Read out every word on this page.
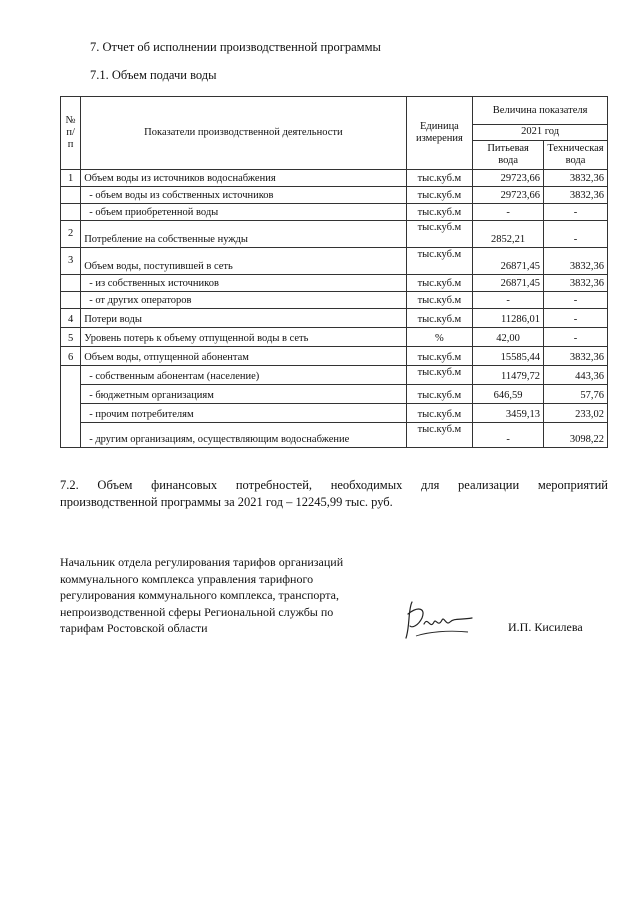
7. Отчет об исполнении производственной программы
7.1. Объем подачи воды
№ п/п	Показатели производственной деятельности	Единица измерения	Величина показателя	
			2021 год	
			Питьевая вода	Техническая вода
1	Объем воды из источников водоснабжения	тыс.куб.м	29723,66	3832,36
	- объем воды из собственных источников	тыс.куб.м	29723,66	3832,36
	- объем приобретенной воды	тыс.куб.м	-	-
2	Потребление на собственные нужды	тыс.куб.м	2852,21	-
3	Объем воды, поступившей в сеть	тыс.куб.м	26871,45	3832,36
	- из собственных источников	тыс.куб.м	26871,45	3832,36
	- от других операторов	тыс.куб.м	-	-
4	Потери воды	тыс.куб.м	11286,01	-
5	Уровень потерь к объему отпущенной воды в сеть	%	42,00	-
6	Объем воды, отпущенной абонентам	тыс.куб.м	15585,44	3832,36
	- собственным абонентам (население)	тыс.куб.м	11479,72	443,36
	- бюджетным организациям	тыс.куб.м	646,59	57,76
	- прочим потребителям	тыс.куб.м	3459,13	233,02
	- другим организациям, осуществляющим водоснабжение	тыс.куб.м	-	3098,22
7.2. Объем финансовых потребностей, необходимых для реализации мероприятий
производственной программы за 2021 год – 12245,99 тыс. руб.
Начальник отдела регулирования тарифов организаций
коммунального комплекса управления тарифного
регулирования коммунального комплекса, транспорта,
непроизводственной сферы Региональной службы по
тарифам Ростовской области	И.П. Кисилева
